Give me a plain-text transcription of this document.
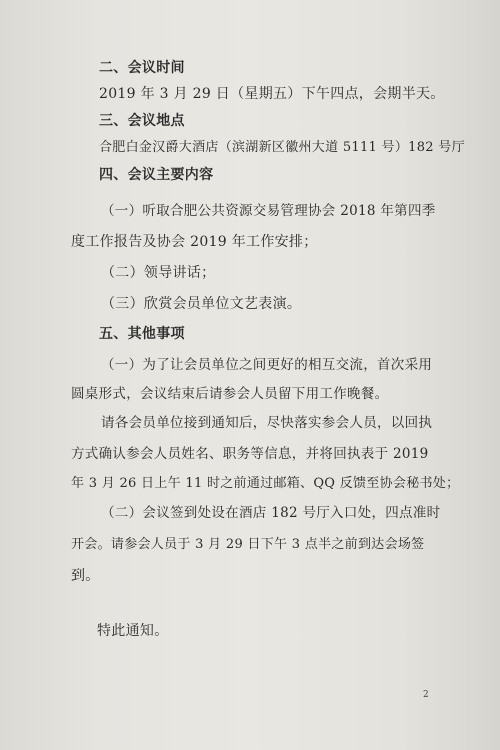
二、会议时间
2019 年 3 月 29 日（星期五）下午四点，会期半天。
三、会议地点
合肥白金汉爵大酒店（滨湖新区徽州大道 5111 号）182 号厅
四、会议主要内容
（一）听取合肥公共资源交易管理协会 2018 年第四季
度工作报告及协会 2019 年工作安排；
（二）领导讲话；
（三）欣赏会员单位文艺表演。
五、其他事项
（一）为了让会员单位之间更好的相互交流，首次采用
圆桌形式，会议结束后请参会人员留下用工作晚餐。
请各会员单位接到通知后，尽快落实参会人员，以回执
方式确认参会人员姓名、职务等信息，并将回执表于 2019
年 3 月 26 日上午 11 时之前通过邮箱、QQ 反馈至协会秘书处；
（二）会议签到处设在酒店 182 号厅入口处，四点准时
开会。请参会人员于 3 月 29 日下午 3 点半之前到达会场签
到。
特此通知。
2
